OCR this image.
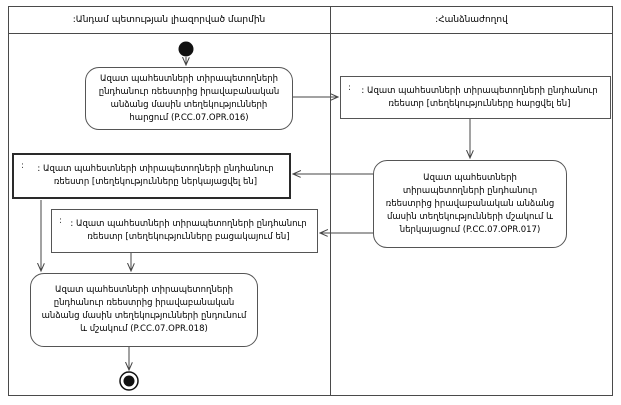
:Անդամ պետության լիազորված մարմին	:Հանձնաժողով
Ազատ պահեստների տիրապետողների ընդհանուր ռեեստրից իրավաբանական անձանց մասին տեղեկությունների հարցում (P.CC.07.OPR.016)
: : Ազատ պահեստների տիրապետողների ընդհանուր ռեեստր [տեղեկությունները հարցվել են]
Ազատ պահեստների տիրապետողների ընդհանուր ռեեստրից իրավաբանական անձանց մասին տեղեկությունների մշակում և ներկայացում (P.CC.07.OPR.017)
:	: Ազատ պահեստների տիրապետողների ընդհանուր ռեեստր [տեղեկությունները ներկայացվել են]
: : Ազատ պահեստների տիրապետողների ընդհանուր ռեեստր [տեղեկությունները բացակայում են]
Ազատ պահեստների տիրապետողների ընդհանուր ռեեստրից իրավաբանական անձանց մասին տեղեկությունների ընդունում և մշակում (P.CC.07.OPR.018)
